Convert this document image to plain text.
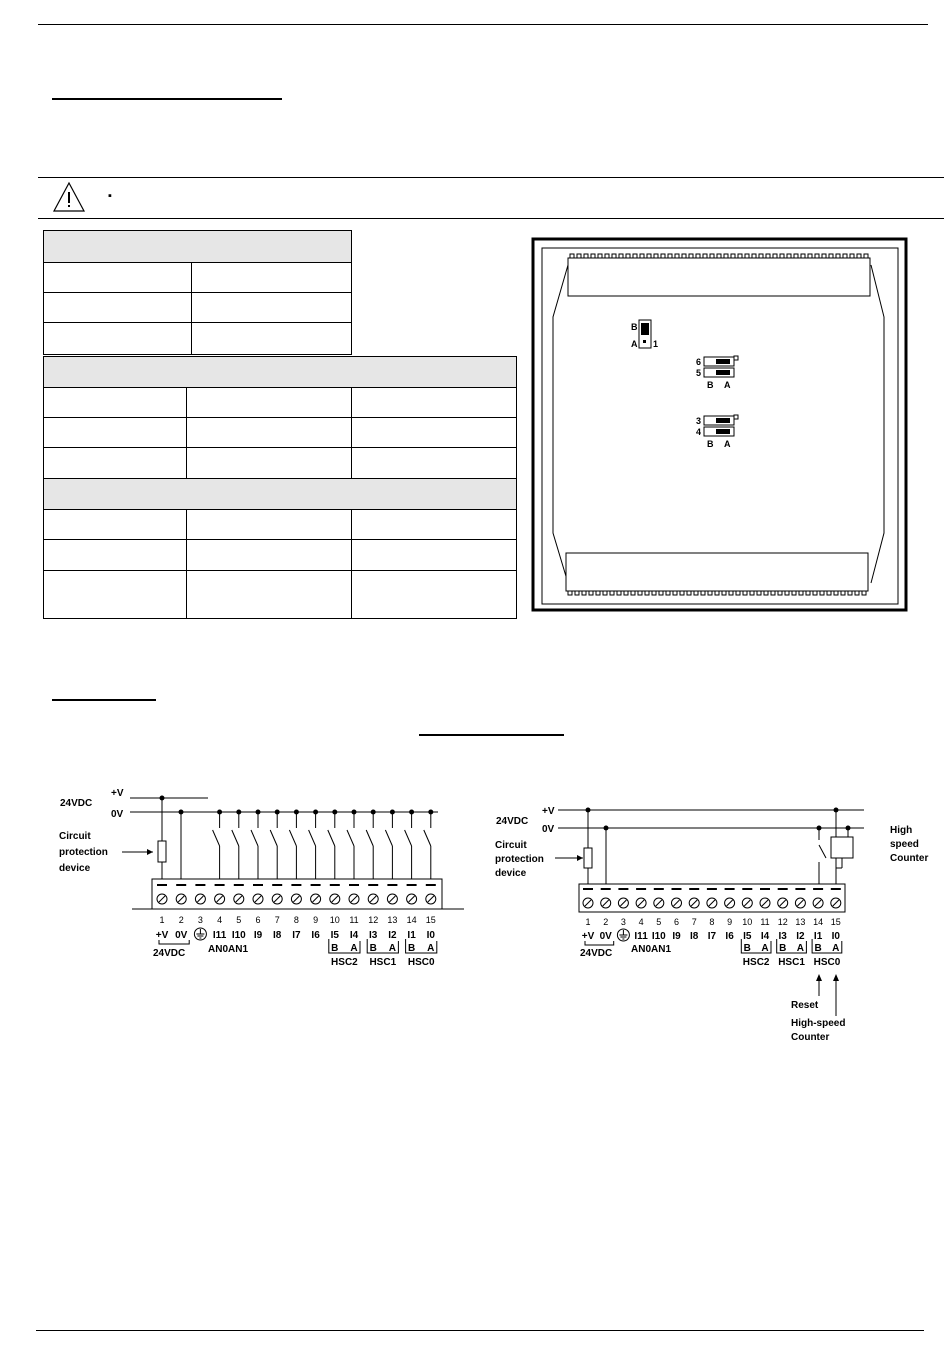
▪

B
A 1
6
5
B A
3
4
B A
+V
0V
24VDC
Circuit
protection
device
1
+V
2
0V
3 4
I11
5
I10
6
I9
7
I8
8
I7
9
I6
10
I5
11
I4
12
I3
13
I2
14
I1
15
I0
B A
HSC2
B A
HSC1
B A
HSC0
24VDC AN0AN1
+V
0V
24VDC
Circuit
protection
device
High
speed
Counter
1
+V
2
0V
3 4
I11
5
I10
6
I9
7
I8
8
I7
9
I6
10
I5
11
I4
12
I3
13
I2
14
I1
15
I0
B A
HSC2
B A
HSC1
B A
HSC0
24VDC AN0AN1
Reset
High-speed
Counter
